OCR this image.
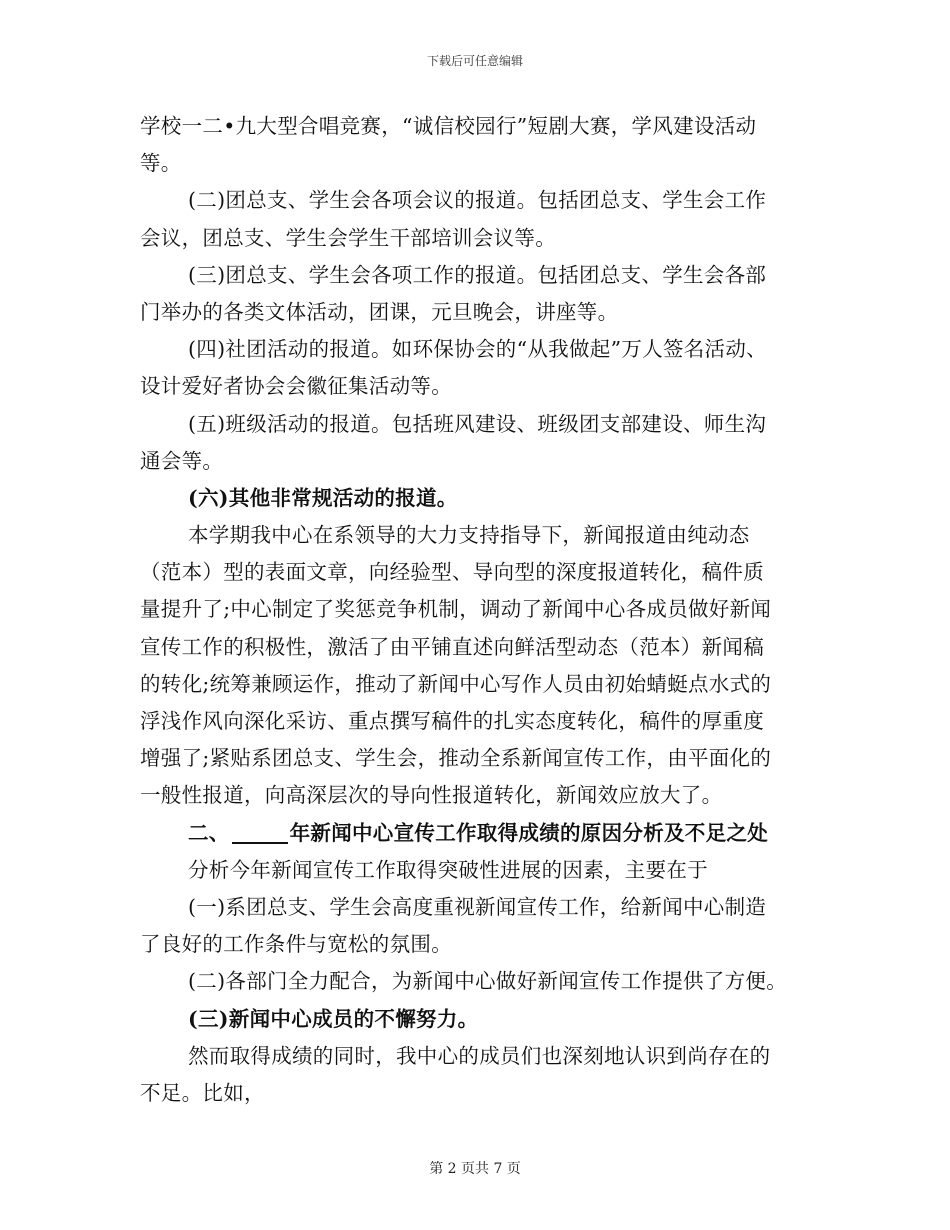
下载后可任意编辑
学校一二•九大型合唱竞赛，“诚信校园行”短剧大赛，学风建设活动
等。
(二)团总支、学生会各项会议的报道。包括团总支、学生会工作
会议，团总支、学生会学生干部培训会议等。
(三)团总支、学生会各项工作的报道。包括团总支、学生会各部
门举办的各类文体活动，团课，元旦晚会，讲座等。
(四)社团活动的报道。如环保协会的“从我做起”万人签名活动、
设计爱好者协会会徽征集活动等。
(五)班级活动的报道。包括班风建设、班级团支部建设、师生沟
通会等。
(六)其他非常规活动的报道。
本学期我中心在系领导的大力支持指导下，新闻报道由纯动态
（范本）型的表面文章，向经验型、导向型的深度报道转化，稿件质
量提升了;中心制定了奖惩竞争机制，调动了新闻中心各成员做好新闻
宣传工作的积极性，激活了由平铺直述向鲜活型动态（范本）新闻稿
的转化;统筹兼顾运作，推动了新闻中心写作人员由初始蜻蜓点水式的
浮浅作风向深化采访、重点撰写稿件的扎实态度转化，稿件的厚重度
增强了;紧贴系团总支、学生会，推动全系新闻宣传工作，由平面化的
一般性报道，向高深层次的导向性报道转化，新闻效应放大了。
二、	年新闻中心宣传工作取得成绩的原因分析及不足之处
分析今年新闻宣传工作取得突破性进展的因素，主要在于
(一)系团总支、学生会高度重视新闻宣传工作，给新闻中心制造
了良好的工作条件与宽松的氛围。
(二)各部门全力配合，为新闻中心做好新闻宣传工作提供了方便。
(三)新闻中心成员的不懈努力。
然而取得成绩的同时，我中心的成员们也深刻地认识到尚存在的
不足。比如，
第 2 页共 7 页
